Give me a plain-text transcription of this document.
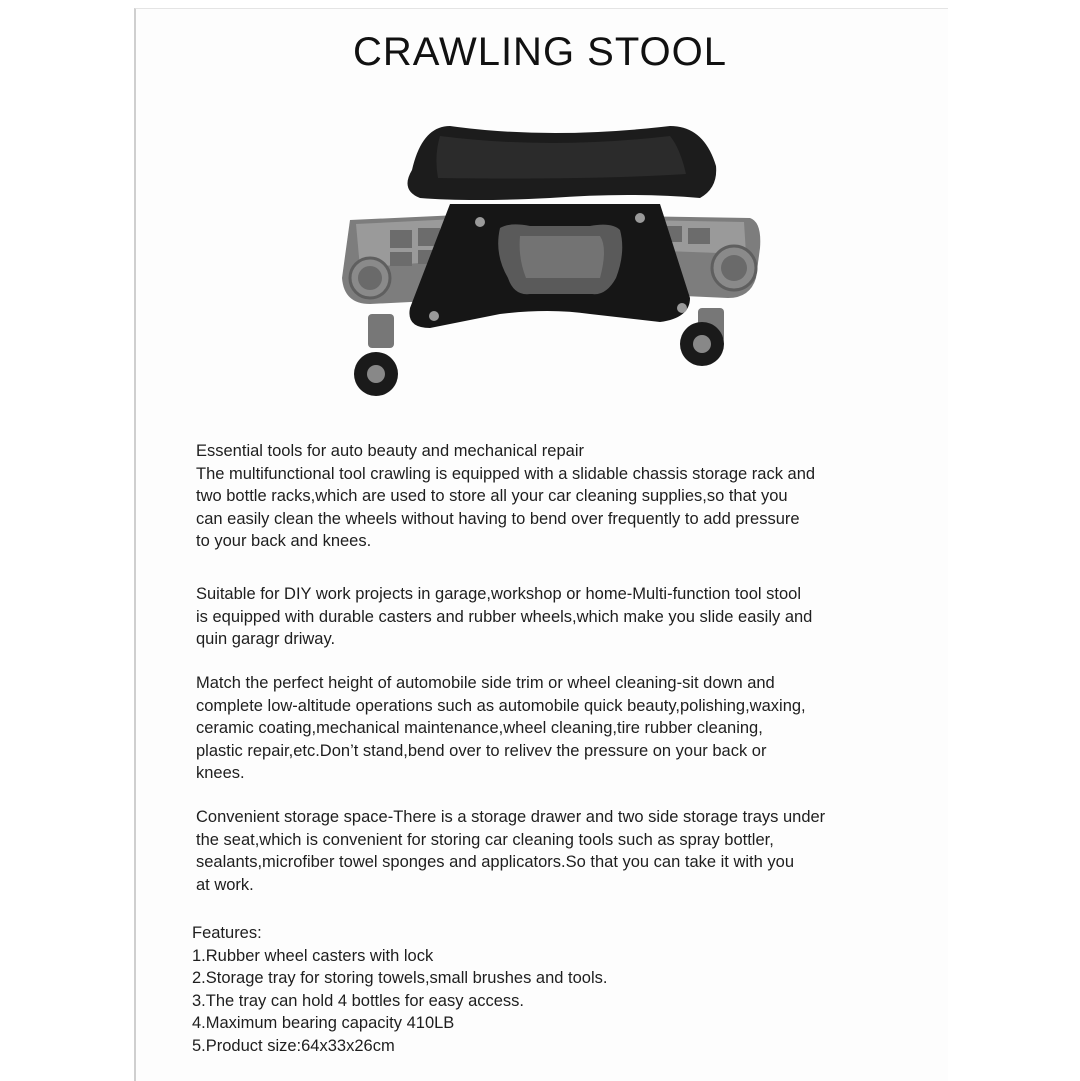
CRAWLING STOOL

Essential tools for auto beauty and mechanical repair

The multifunctional tool crawling is equipped with a slidable chassis storage rack and

two bottle racks,which are used to store all your car cleaning supplies,so that you

can easily clean the wheels without having to bend over frequently to add pressure

to your back and knees.

Suitable for DIY work projects in garage,workshop or home-Multi-function tool stool

is equipped with durable casters and rubber wheels,which make you slide easily and

quin garagr driway.

Match the perfect height of automobile side trim or wheel cleaning-sit down and

complete low-altitude operations such as automobile quick beauty,polishing,waxing,

ceramic coating,mechanical maintenance,wheel cleaning,tire rubber cleaning,

plastic repair,etc.Don’t stand,bend over to relivev the pressure on your back or

knees.

Convenient storage space-There is a storage drawer and two side storage trays under

the seat,which is convenient for storing car cleaning tools such as spray bottler,

sealants,microfiber towel sponges and applicators.So that you can take it with you

at work.

Features:

1.Rubber wheel casters with lock
2.Storage tray for storing towels,small brushes and tools.
3.The tray can hold 4 bottles for easy access.
4.Maximum bearing capacity 410LB
5.Product size:64x33x26cm
